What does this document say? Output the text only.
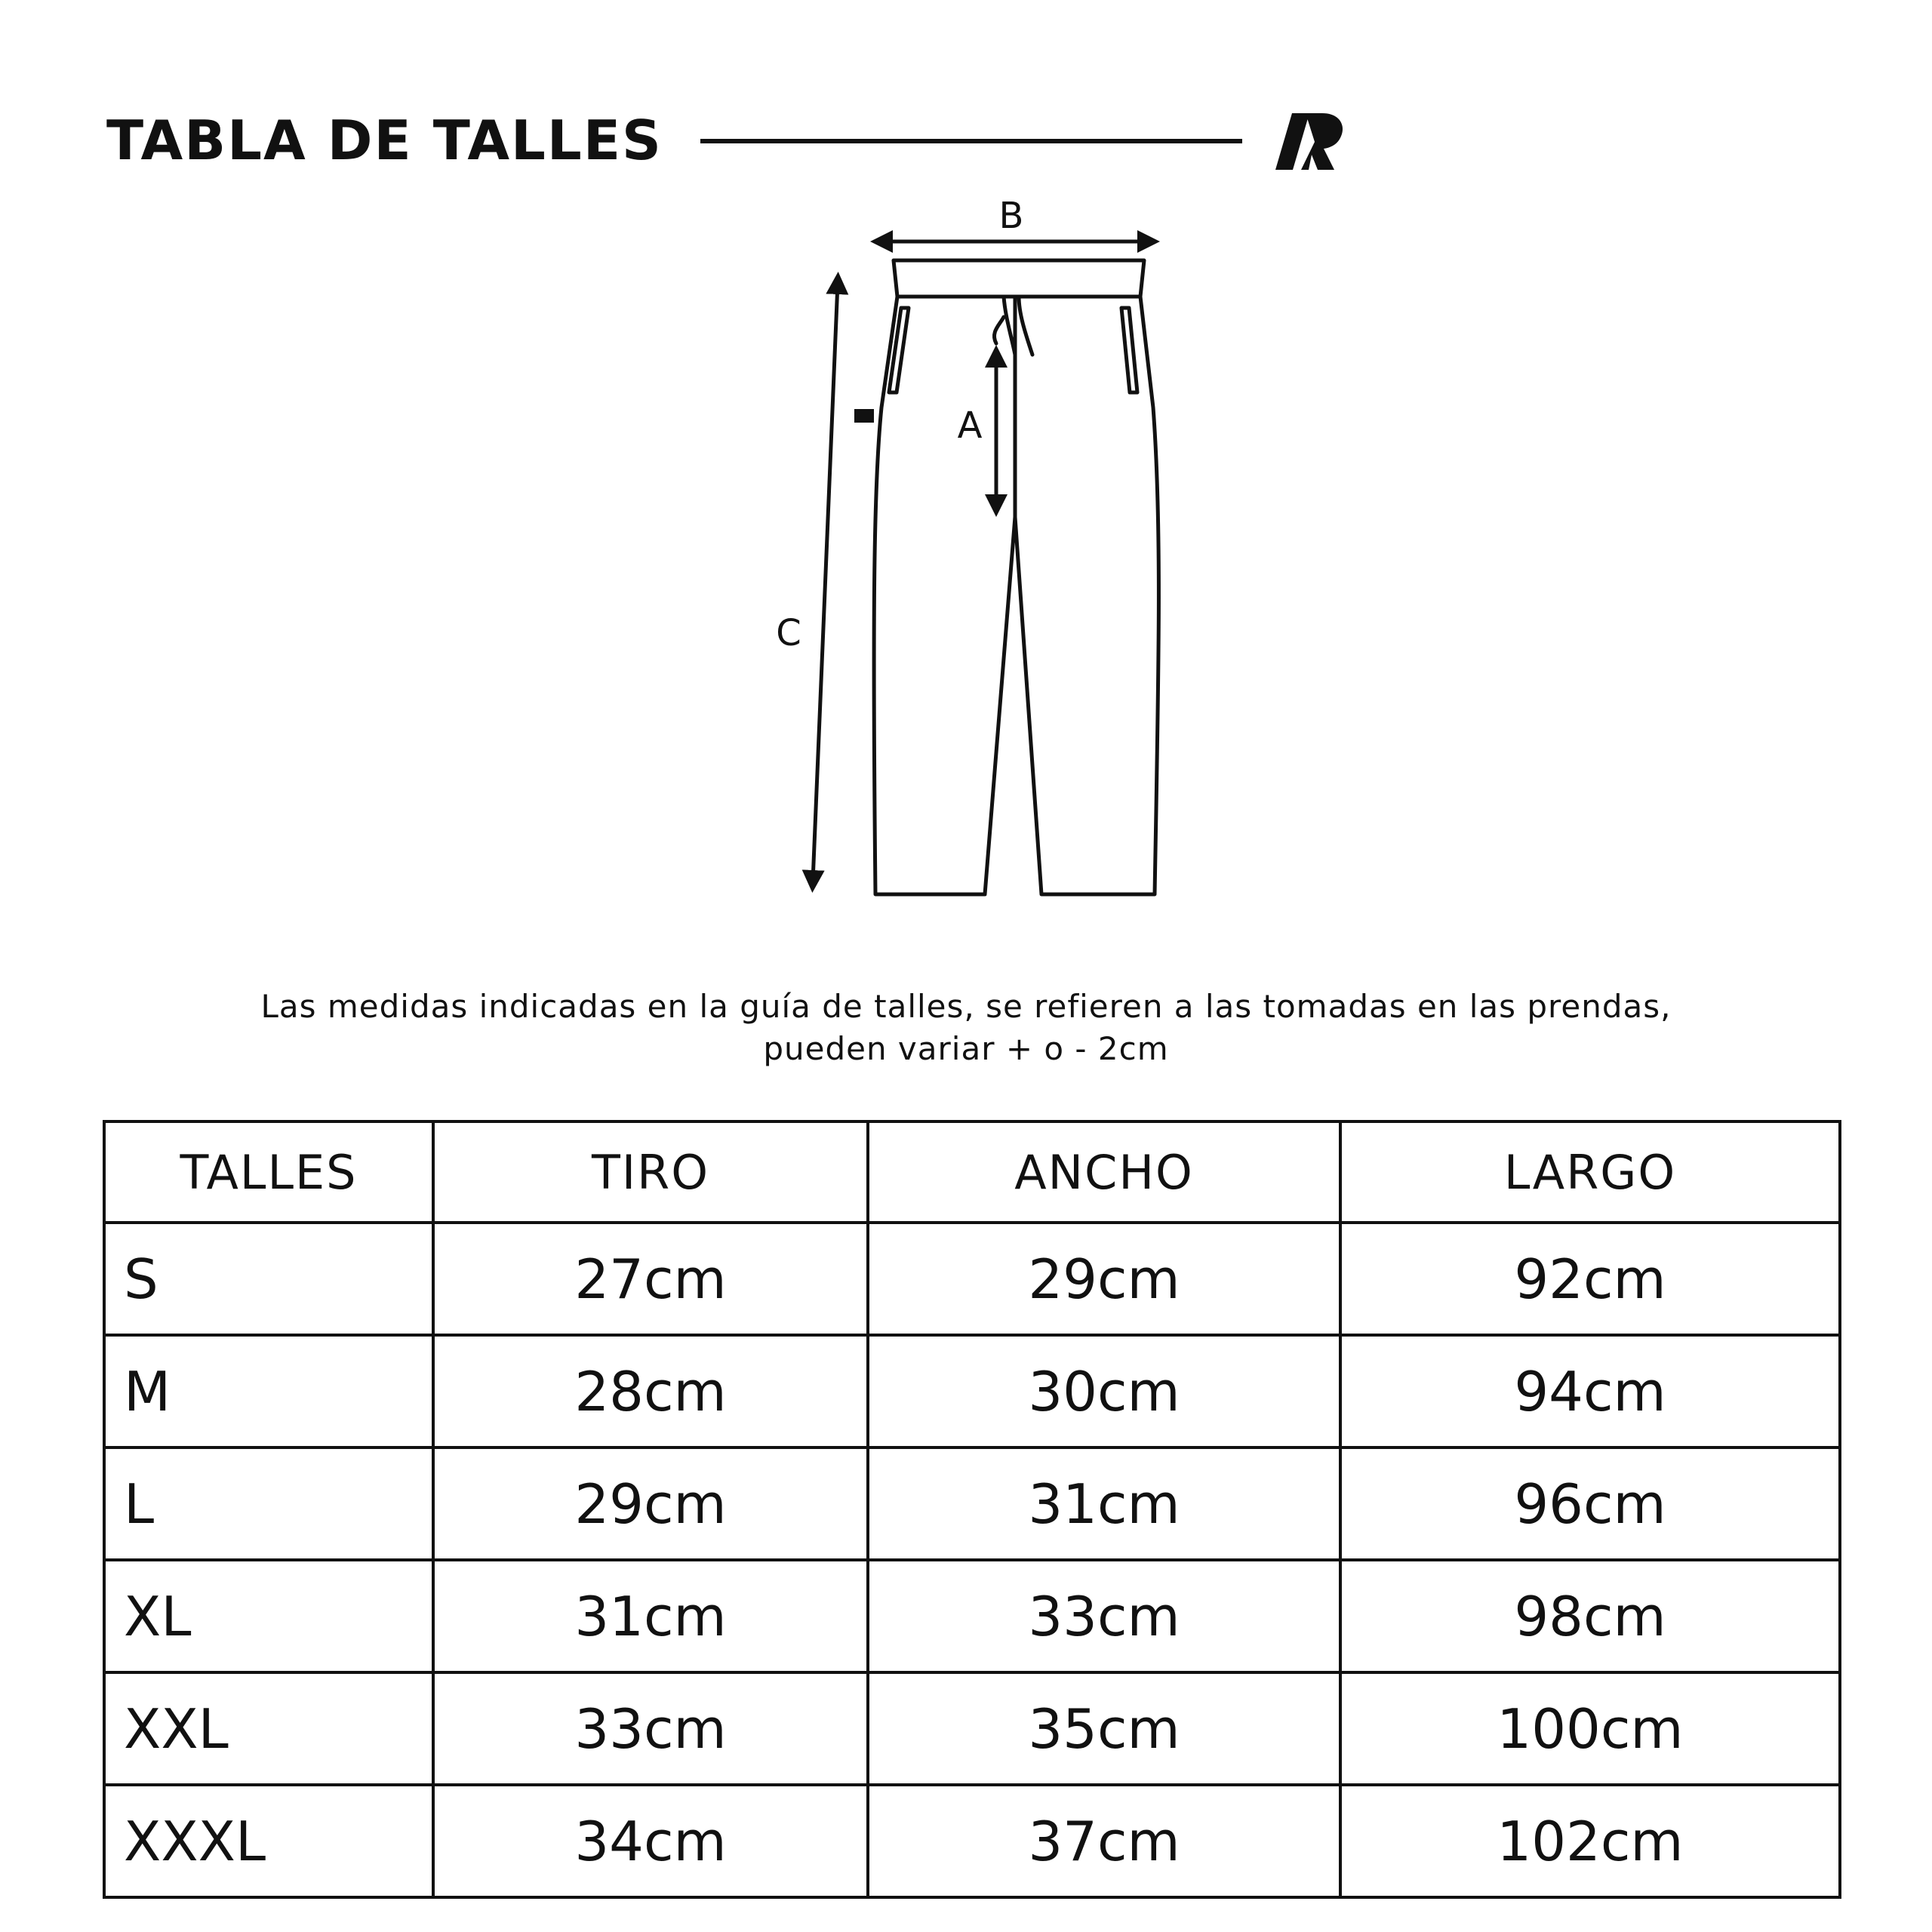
TABLA DE TALLES
B
A
C
Las medidas indicadas en la guía de talles, se refieren a las tomadas en las prendas,
pueden variar + o - 2cm
TALLES	TIRO	ANCHO	LARGO
S	27cm	29cm	92cm
M	28cm	30cm	94cm
L	29cm	31cm	96cm
XL	31cm	33cm	98cm
XXL	33cm	35cm	100cm
XXXL	34cm	37cm	102cm
